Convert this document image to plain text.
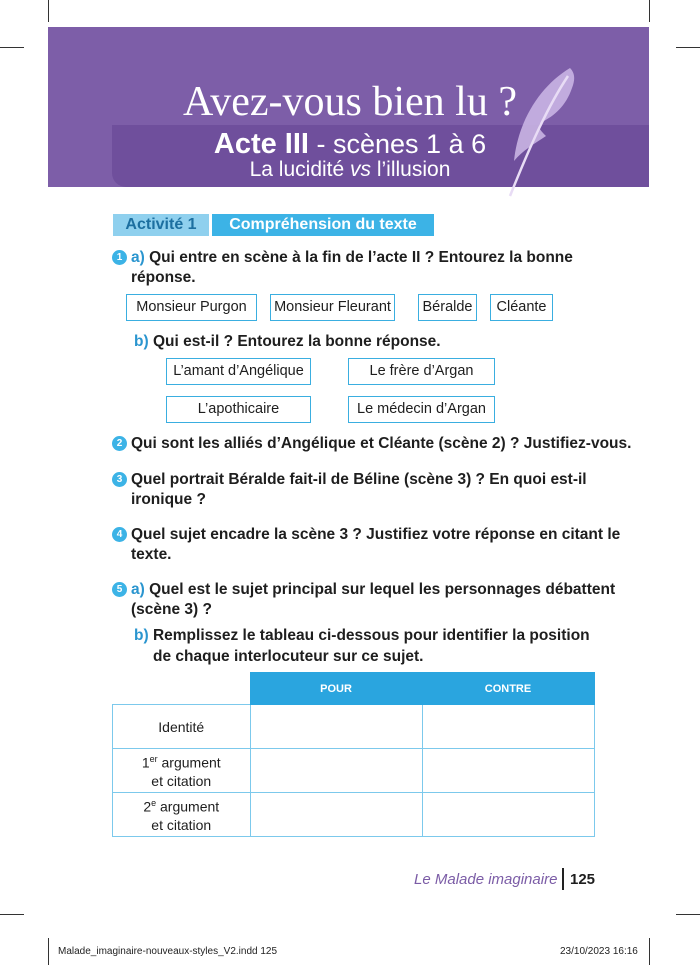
Avez-vous bien lu ?
Acte III - scènes 1 à 6
La lucidité vs l’illusion
Activité 1	Compréhension du texte
1 a) Qui entre en scène à la fin de l’acte II ? Entourez la bonne
réponse.
Monsieur Purgon	Monsieur Fleurant	Béralde	Cléante
b) Qui est-il ? Entourez la bonne réponse.
L’amant d’Angélique	Le frère d’Argan
L’apothicaire	Le médecin d’Argan
2 Qui sont les alliés d’Angélique et Cléante (scène 2) ? Justifiez-vous.
3 Quel portrait Béralde fait-il de Béline (scène 3) ? En quoi est-il
ironique ?
4 Quel sujet encadre la scène 3 ? Justifiez votre réponse en citant le
texte.
5 a) Quel est le sujet principal sur lequel les personnages débattent
(scène 3) ?
b) Remplissez le tableau ci-dessous pour identifier la position
de chaque interlocuteur sur ce sujet.
	POUR	CONTRE
Identité		
1er argument
et citation		
2e argument
et citation		
Le Malade imaginaire 125
Malade_imaginaire-nouveaux-styles_V2.indd 125	23/10/2023 16:16
